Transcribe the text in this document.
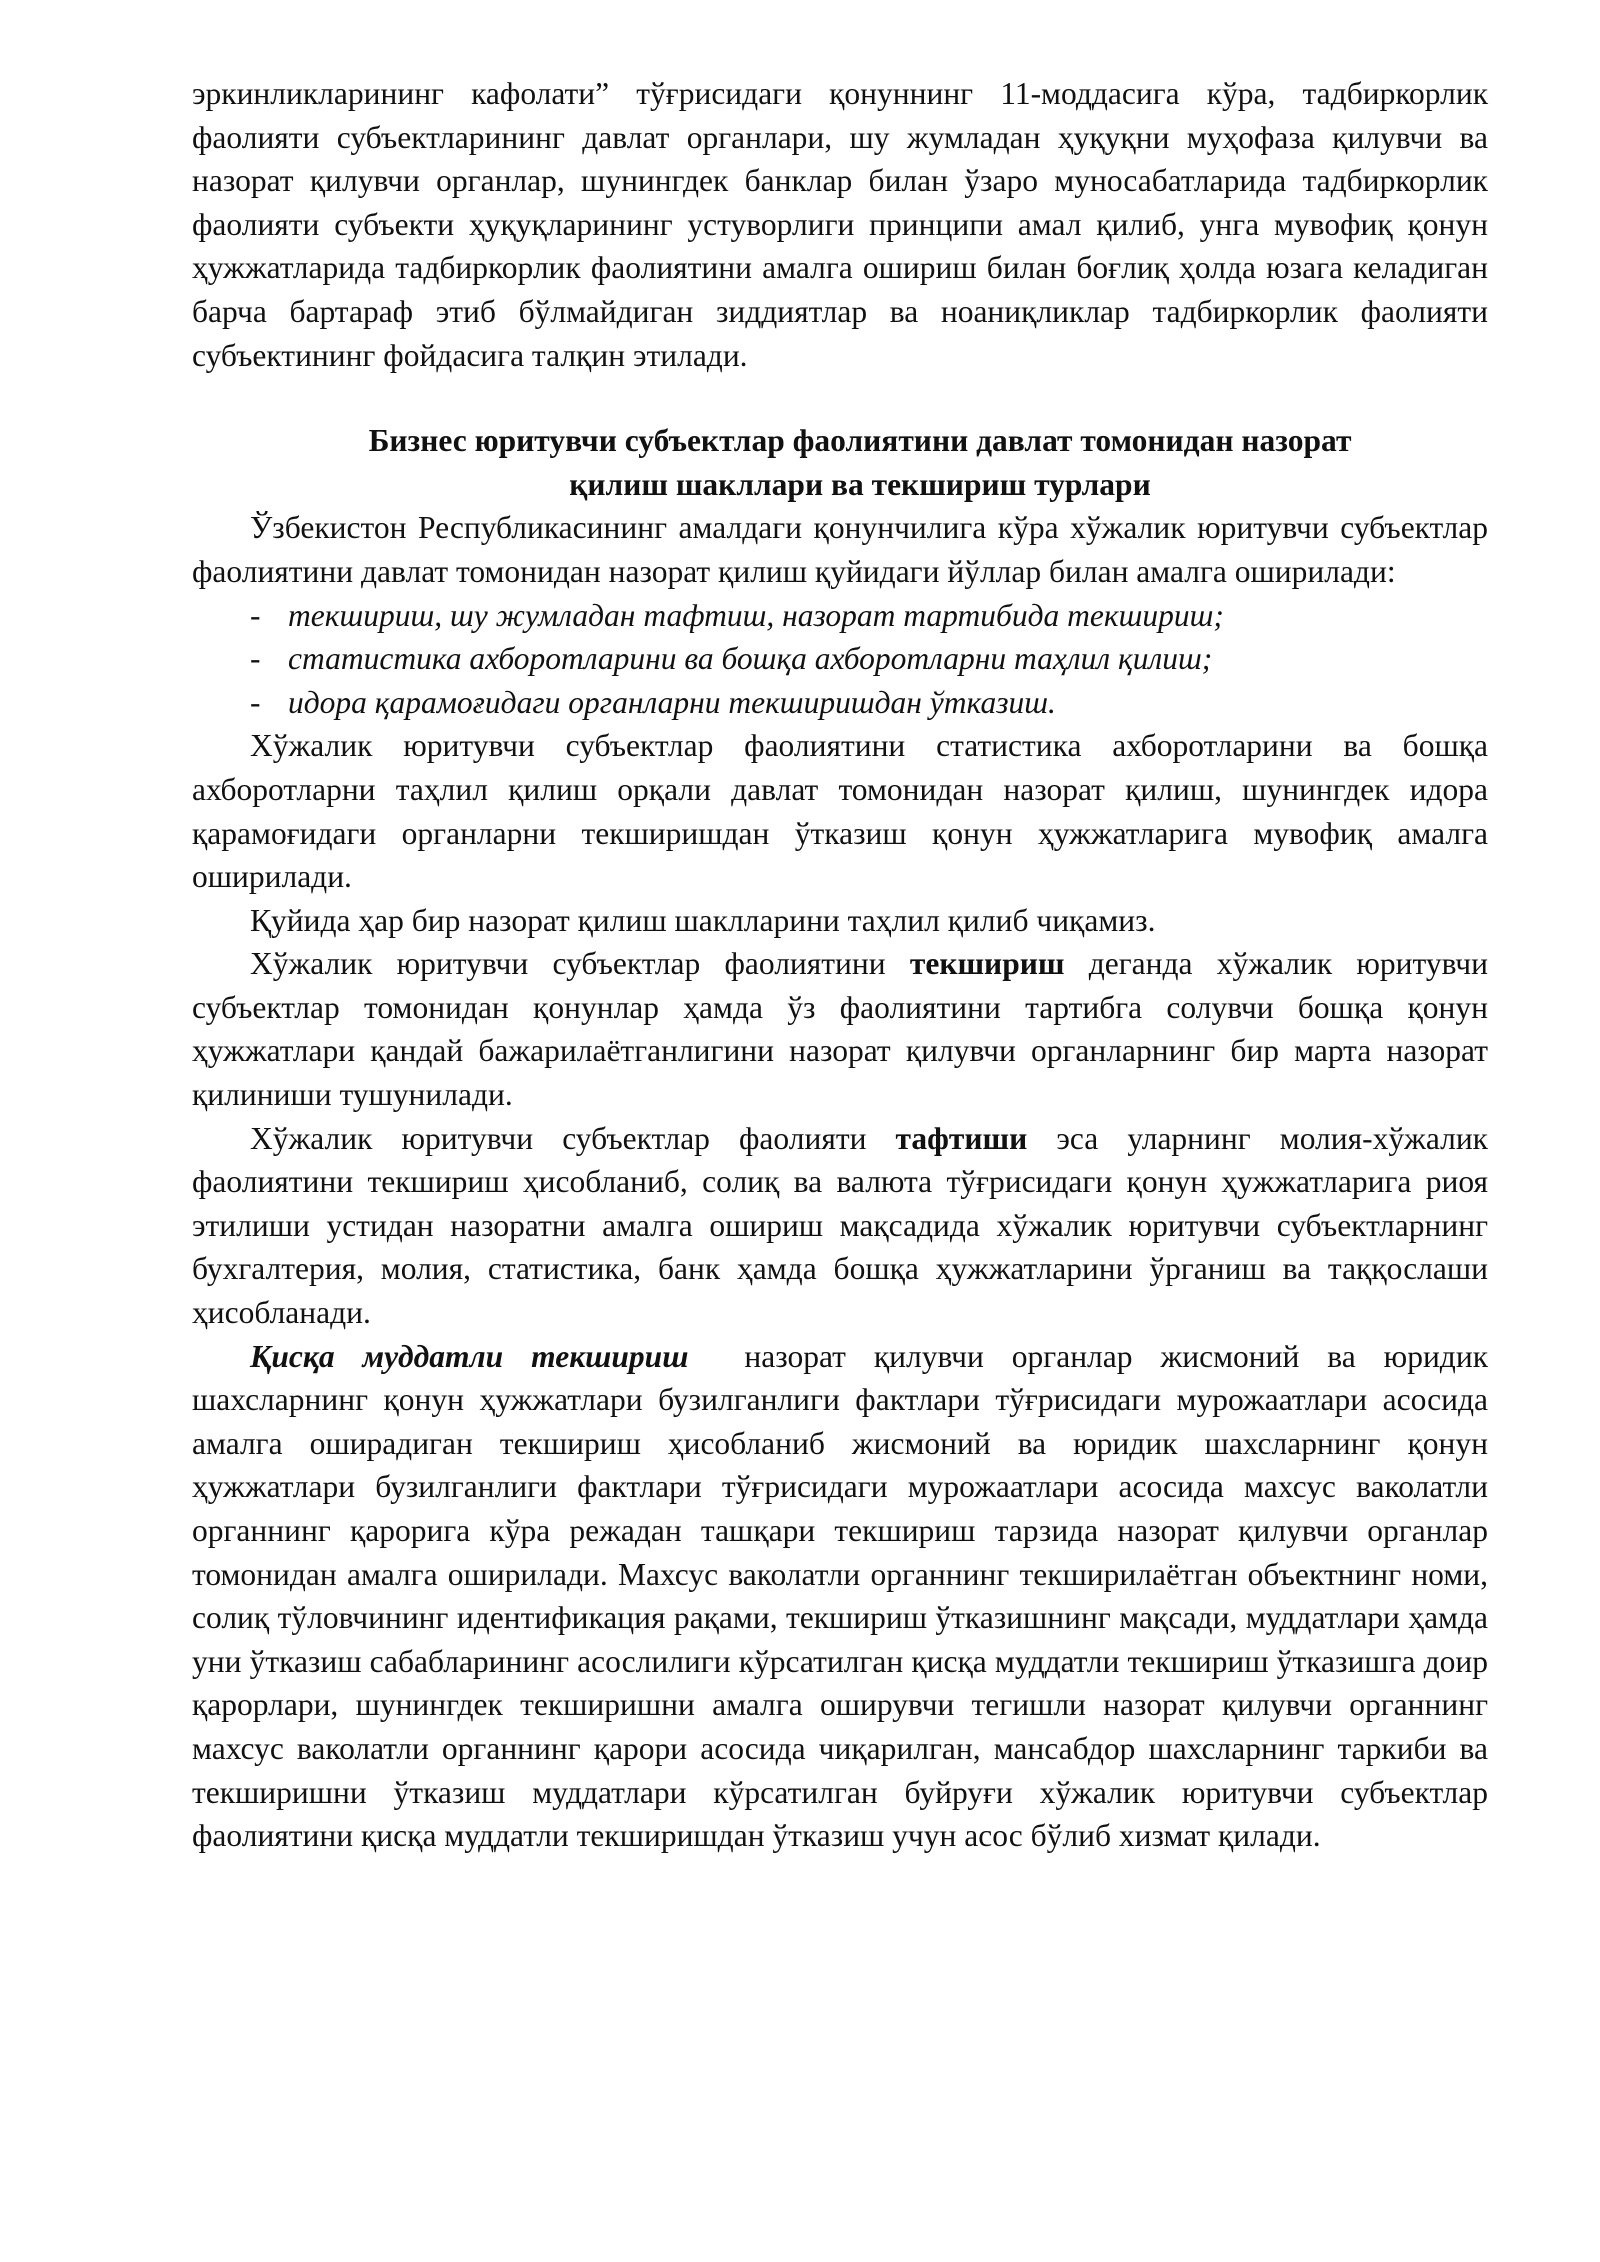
эркинликларининг кафолати” тўғрисидаги қонуннинг 11-моддасига кўра, тадбиркорлик фаолияти субъектларининг давлат органлари, шу жумладан ҳуқуқни муҳофаза қилувчи ва назорат қилувчи органлар, шунингдек банклар билан ўзаро муносабатларида тадбиркорлик фаолияти субъекти ҳуқуқларининг устуворлиги принципи амал қилиб, унга мувофиқ қонун ҳужжатларида тадбиркорлик фаолиятини амалга ошириш билан боғлиқ ҳолда юзага келадиган барча бартараф этиб бўлмайдиган зиддиятлар ва ноаниқликлар тадбиркорлик фаолияти субъектининг фойдасига талқин этилади.

Бизнес юритувчи субъектлар фаолиятини давлат томонидан назорат
қилиш шакллари ва текшириш турлари

Ўзбекистон Республикасининг амалдаги қонунчилига кўра хўжалик юритувчи субъектлар фаолиятини давлат томонидан назорат қилиш қуйидаги йўллар билан амалга оширилади:

- текшириш, шу жумладан тафтиш, назорат тартибида текшириш;
- статистика ахборотларини ва бошқа ахборотларни таҳлил қилиш;
- идора қарамоғидаги органларни текширишдан ўтказиш.

Хўжалик юритувчи субъектлар фаолиятини статистика ахборотларини ва бошқа ахборотларни таҳлил қилиш орқали давлат томонидан назорат қилиш, шунингдек идора қарамоғидаги органларни текширишдан ўтказиш қонун ҳужжатларига мувофиқ амалга оширилади.

Қуйида ҳар бир назорат қилиш шаклларини таҳлил қилиб чиқамиз.

Хўжалик юритувчи субъектлар фаолиятини текшириш деганда хўжалик юритувчи субъектлар томонидан қонунлар ҳамда ўз фаолиятини тартибга солувчи бошқа қонун ҳужжатлари қандай бажарилаётганлигини назорат қилувчи органларнинг бир марта назорат қилиниши тушунилади.

Хўжалик юритувчи субъектлар фаолияти тафтиши эса уларнинг молия-хўжалик фаолиятини текшириш ҳисобланиб, солиқ ва валюта тўғрисидаги қонун ҳужжатларига риоя этилиши устидан назоратни амалга ошириш мақсадида хўжалик юритувчи субъектларнинг бухгалтерия, молия, статистика, банк ҳамда бошқа ҳужжатларини ўрганиш ва таққослаши ҳисобланади.

Қисқа муддатли текшириш  назорат қилувчи органлар жисмоний ва юридик шахсларнинг қонун ҳужжатлари бузилганлиги фактлари тўғрисидаги мурожаатлари асосида амалга оширадиган текшириш ҳисобланиб жисмоний ва юридик шахсларнинг қонун ҳужжатлари бузилганлиги фактлари тўғрисидаги мурожаатлари асосида махсус ваколатли органнинг қарорига кўра режадан ташқари текшириш тарзида назорат қилувчи органлар томонидан амалга оширилади. Махсус ваколатли органнинг текширилаётган объектнинг номи, солиқ тўловчининг идентификация рақами, текшириш ўтказишнинг мақсади, муддатлари ҳамда уни ўтказиш сабабларининг асослилиги кўрсатилган қисқа муддатли текшириш ўтказишга доир қарорлари, шунингдек текширишни амалга оширувчи тегишли назорат қилувчи органнинг махсус ваколатли органнинг қарори асосида чиқарилган, мансабдор шахсларнинг таркиби ва текширишни ўтказиш муддатлари кўрсатилган буйруғи хўжалик юритувчи субъектлар фаолиятини қисқа муддатли текширишдан ўтказиш учун асос бўлиб хизмат қилади.
